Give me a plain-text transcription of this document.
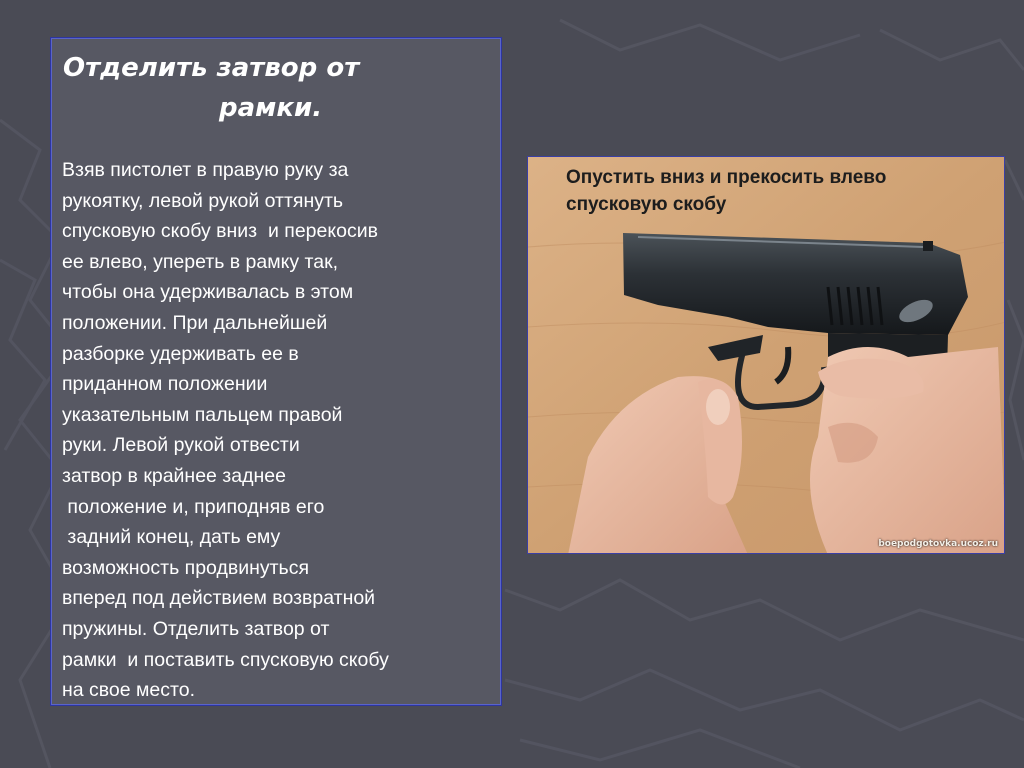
Отделить затвор от
рамки.
Взяв пистолет в правую руку за
рукоятку, левой рукой оттянуть
спусковую скобу вниз  и перекосив
ее влево, упереть в рамку так,
чтобы она удерживалась в этом
положении. При дальнейшей
разборке удерживать ее в
приданном положении
указательным пальцем правой
руки. Левой рукой отвести
затвор в крайнее заднее
положение и, приподняв его
задний конец, дать ему
возможность продвинуться
вперед под действием возвратной
пружины. Отделить затвор от
рамки  и поставить спусковую скобу
на свое место.

Опустить вниз и прекосить влево
спусковую скобу

boepodgotovka.ucoz.ru
